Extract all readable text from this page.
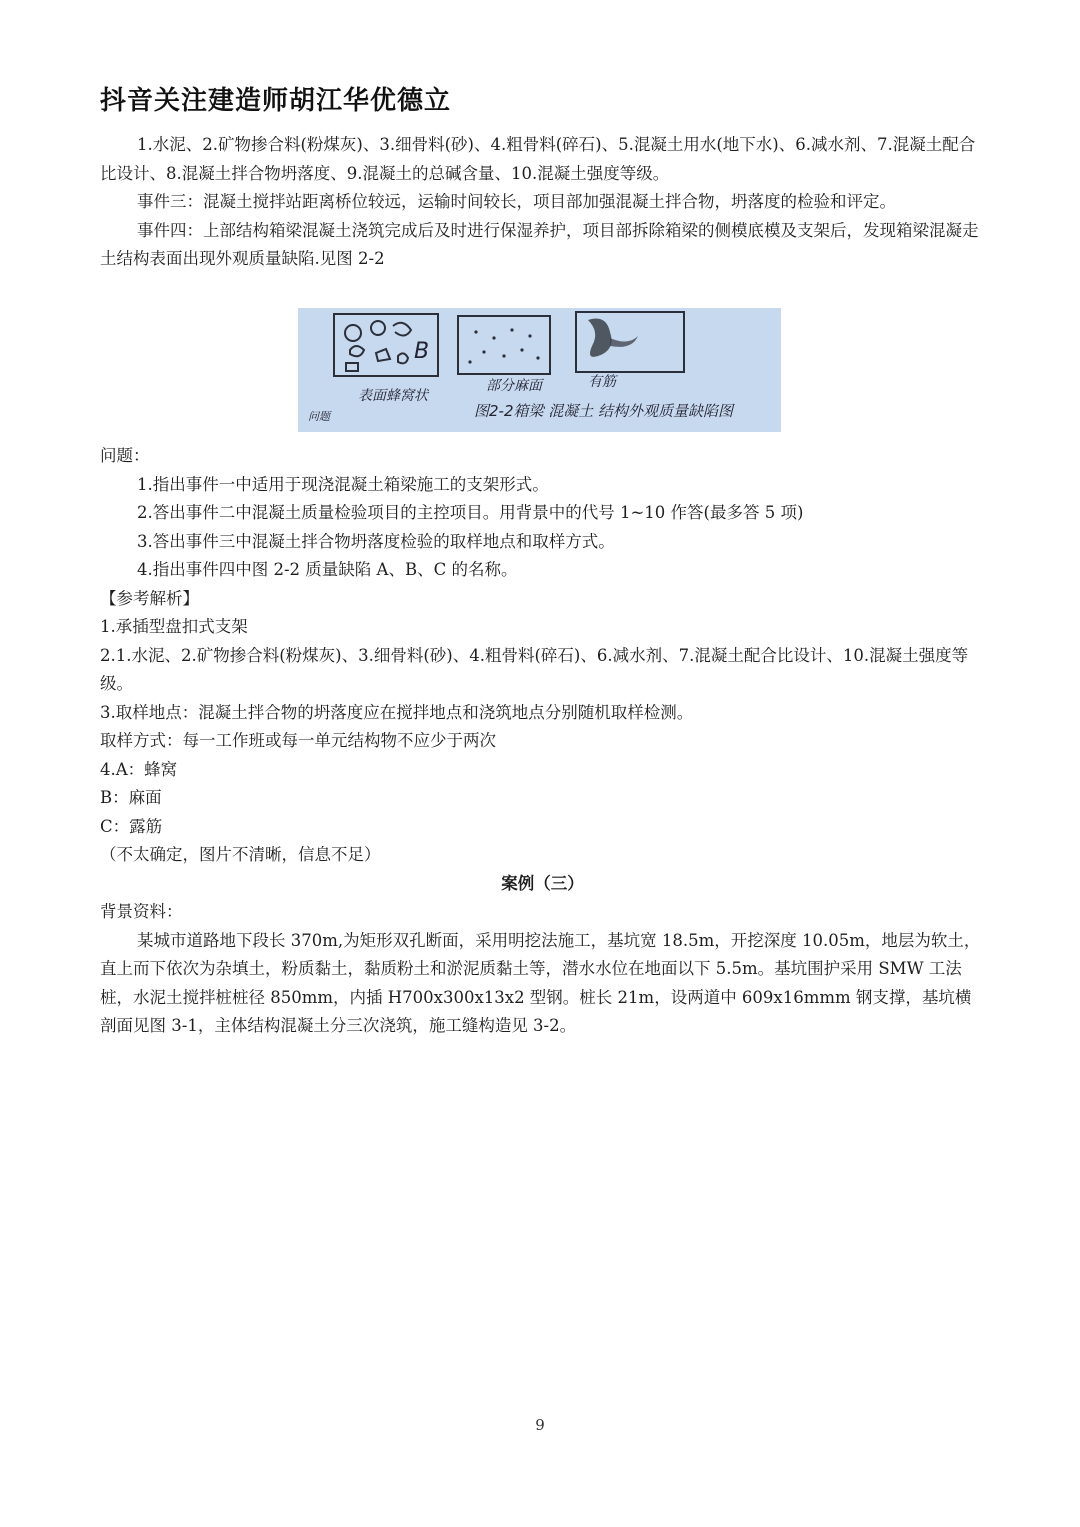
抖音关注建造师胡江华优德立

1.水泥、2.矿物掺合料(粉煤灰)、3.细骨料(砂)、4.粗骨料(碎石)、5.混凝土用水(地下水)、6.减水剂、7.混凝土配合比设计、8.混凝土拌合物坍落度、9.混凝土的总碱含量、10.混凝土强度等级。

事件三：混凝土搅拌站距离桥位较远，运输时间较长，项目部加强混凝土拌合物，坍落度的检验和评定。

事件四：上部结构箱梁混凝土浇筑完成后及时进行保湿养护，项目部拆除箱梁的侧模底模及支架后，发现箱梁混凝走土结构表面出现外观质量缺陷.见图 2-2

B
表面蜂窝状
部分麻面	有筋
图2-2箱梁 混凝土 结构外观质量缺陷图
问题

问题：

1.指出事件一中适用于现浇混凝土箱梁施工的支架形式。

2.答出事件二中混凝土质量检验项目的主控项目。用背景中的代号 1~10 作答(最多答 5 项)

3.答出事件三中混凝土拌合物坍落度检验的取样地点和取样方式。

4.指出事件四中图 2-2 质量缺陷 A、B、C 的名称。

【参考解析】

1.承插型盘扣式支架

2.1.水泥、2.矿物掺合料(粉煤灰)、3.细骨料(砂)、4.粗骨料(碎石)、6.减水剂、7.混凝土配合比设计、10.混凝土强度等级。

3.取样地点：混凝土拌合物的坍落度应在搅拌地点和浇筑地点分别随机取样检测。

取样方式：每一工作班或每一单元结构物不应少于两次

4.A：蜂窝

B：麻面

C：露筋

（不太确定，图片不清晰，信息不足）

案例（三）

背景资料：

某城市道路地下段长 370m,为矩形双孔断面，采用明挖法施工，基坑宽 18.5m，开挖深度 10.05m，地层为软土，直上而下依次为杂填土，粉质黏土，黏质粉土和淤泥质黏土等，潜水水位在地面以下 5.5m。基坑围护采用 SMW 工法桩，水泥土搅拌桩桩径 850mm，内插 H700x300x13x2 型钢。桩长 21m，设两道中 609x16mmm 钢支撑，基坑横剖面见图 3-1，主体结构混凝土分三次浇筑，施工缝构造见 3-2。

9
